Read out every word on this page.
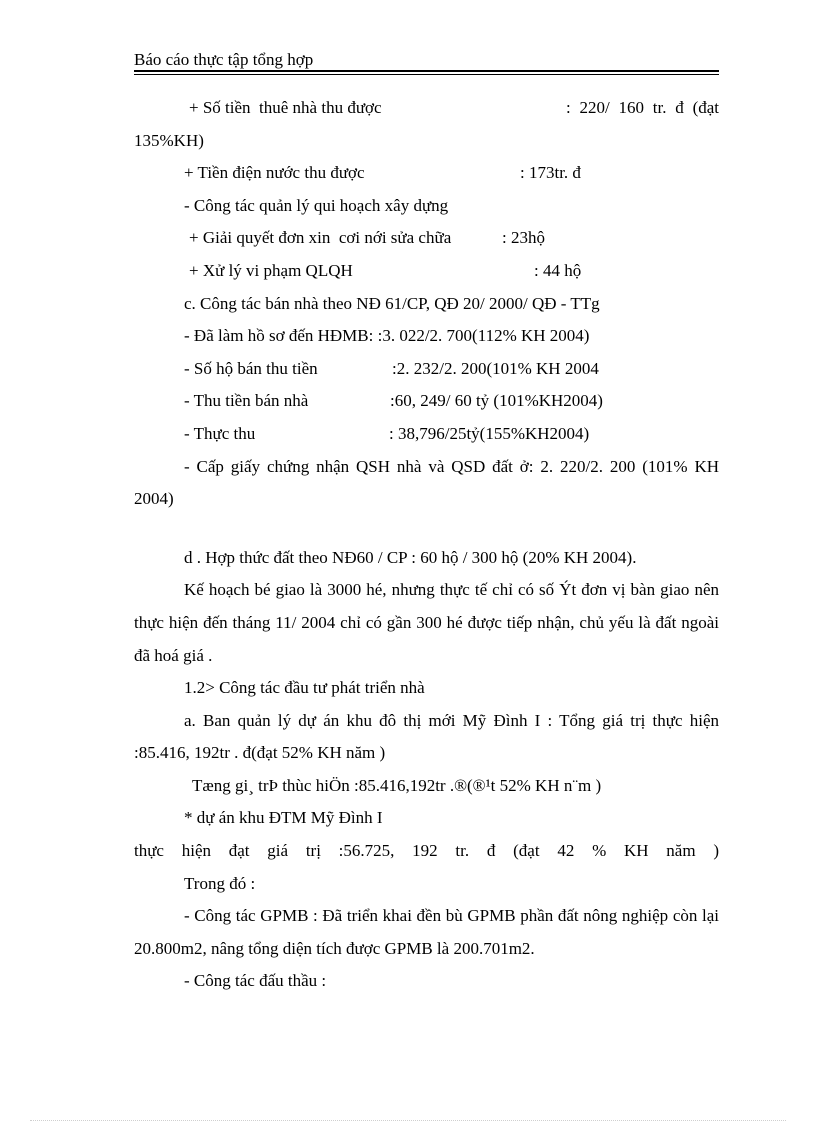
Báo cáo thực tập tổng hợp
+ Số tiền  thuê nhà thu được	: 220/ 160 tr. đ (đạt

135%KH)

+ Tiền điện nước thu được	: 173tr. đ

- Công tác quản lý qui hoạch xây dựng

+ Giải quyết đơn xin  cơi nới sửa chữa	: 23hộ
+ Xử lý vi phạm QLQH	: 44 hộ

c. Công tác bán nhà theo NĐ 61/CP, QĐ 20/ 2000/ QĐ - TTg

- Đã làm hồ sơ đến HĐMB: :3. 022/2. 700(112% KH 2004)

- Số hộ bán thu tiền	:2. 232/2. 200(101% KH 2004
- Thu tiền bán nhà	:60, 249/ 60 tỷ (101%KH2004)
- Thực thu	: 38,796/25tỷ(155%KH2004)

- Cấp giấy chứng nhận QSH nhà và QSD đất ở: 2. 220/2. 200 (101% KH 2004)

d . Hợp thức đất theo NĐ60 / CP : 60 hộ / 300 hộ (20% KH 2004).

Kế hoạch bé giao là 3000 hé, nhưng thực tế chỉ có số Ýt đơn vị bàn giao nên thực hiện đến tháng 11/ 2004 chỉ có gần 300 hé được tiếp nhận, chủ yếu là đất ngoài đã hoá giá .

1.2> Công tác đầu tư phát triển nhà

a. Ban quản lý dự án khu đô thị mới Mỹ Đình I : Tổng giá trị thực hiện :85.416, 192tr . đ(đạt 52% KH năm )

Tæng gi¸ trÞ thùc hiÖn :85.416,192tr .®(®¹t 52% KH n¨m )

* dự án khu ĐTM Mỹ Đình I

thực hiện đạt giá trị :56.725, 192 tr. đ (đạt 42 % KH năm )

Trong đó :

- Công tác GPMB : Đã triển khai đền bù GPMB phần đất nông nghiệp còn lại 20.800m2, nâng tổng diện tích được GPMB là 200.701m2.

- Công tác đấu thầu :
